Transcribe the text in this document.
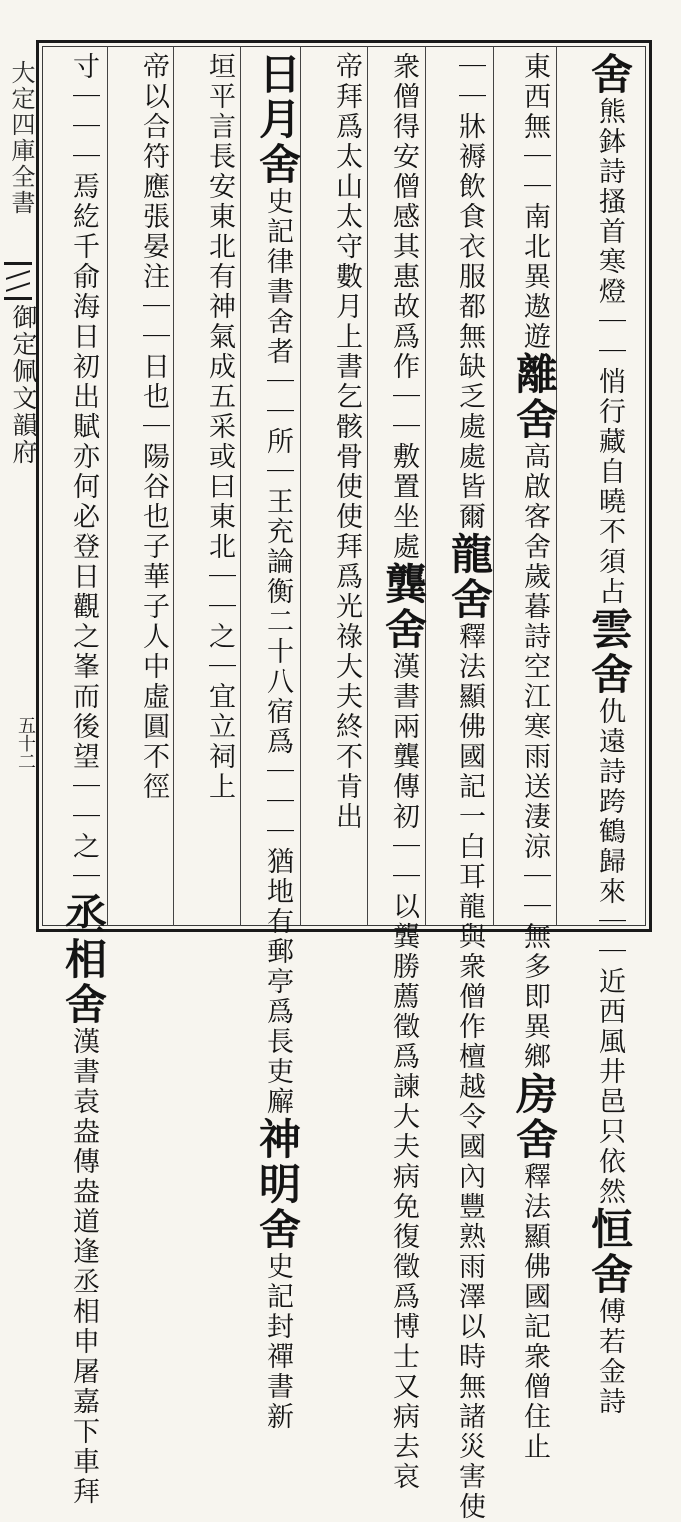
大定四庫全書
御定佩文韻府
五十二
舍熊鉢詩搔首寒燈｜｜悄行藏自曉不須占雲舍仇遠詩跨鶴歸來｜｜近西風井邑只依然恒舍傅若金詩
東西無｜｜南北異遨遊離舍高啟客舍歲暮詩空江寒雨送淒涼｜｜無多即異鄉房舍釋法顯佛國記衆僧住止
｜｜牀褥飲食衣服都無缺乏處處皆爾龍舍釋法顯佛國記一白耳龍與衆僧作檀越令國內豐熟雨澤以時無諸災害使
衆僧得安僧感其惠故爲作｜｜敷置坐處龔舍漢書兩龔傳初｜｜以龔勝薦徵爲諫大夫病免復徵爲博士又病去哀
帝拜爲太山太守數月上書乞骸骨使使拜爲光祿大夫終不肯出
日月舍史記律書舍者｜｜所｜王充論衡二十八宿爲｜｜｜猶地有郵亭爲長吏廨神明舍史記封禪書新
垣平言長安東北有神氣成五采或曰東北｜｜之｜宜立祠上
帝以合符應張晏注｜｜日也｜陽谷也子華子人中虛圓不徑
寸｜｜｜焉紇千俞海日初出賦亦何必登日觀之峯而後望｜｜之｜丞相舍漢書袁盎傳盎道逢丞相申屠嘉下車拜
